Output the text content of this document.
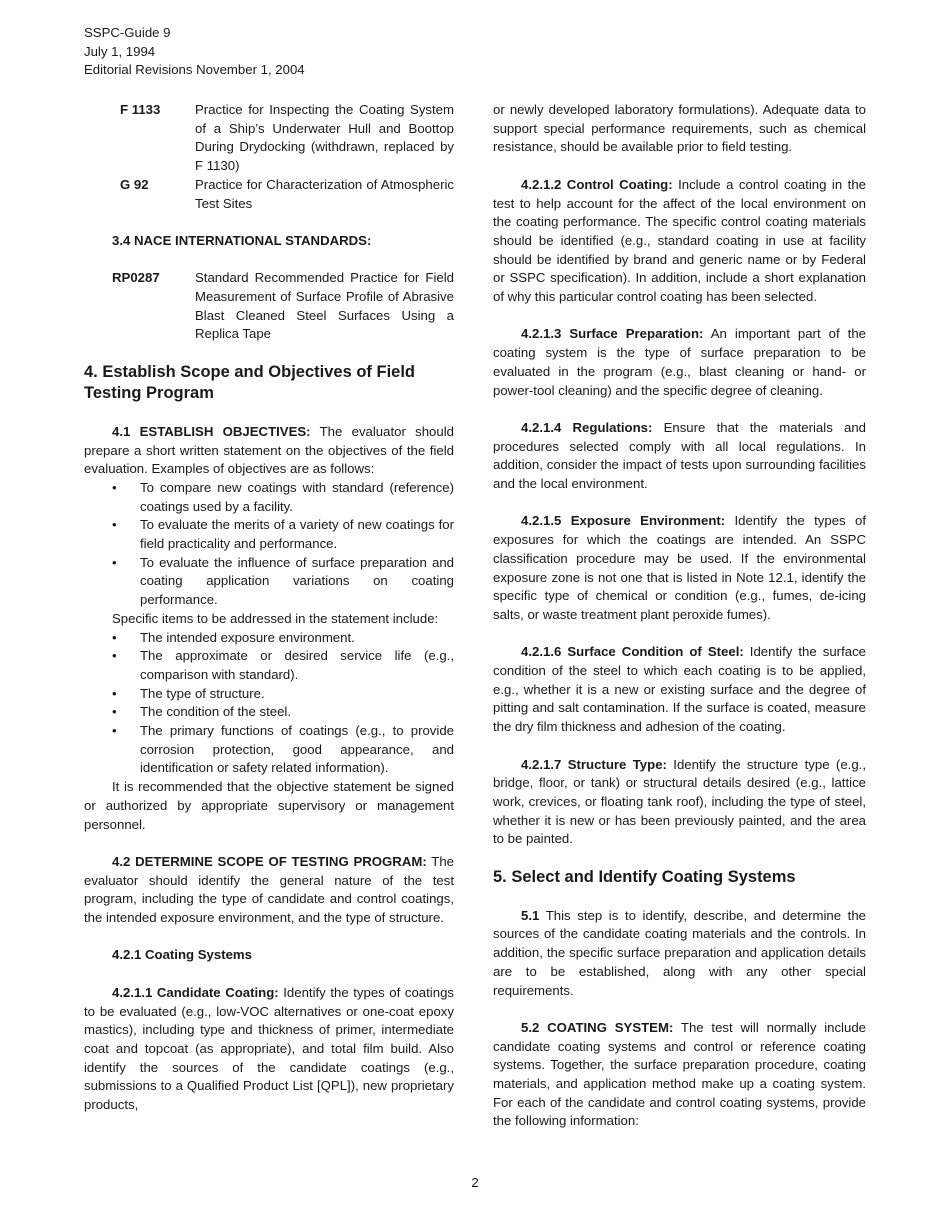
SSPC-Guide 9
July 1, 1994
Editorial Revisions November 1, 2004
F 1133	Practice for Inspecting the Coating System of a Ship’s Underwater Hull and Boottop During Drydocking (withdrawn, replaced by F 1130)
G 92	Practice for Characterization of Atmospheric Test Sites
3.4 NACE INTERNATIONAL STANDARDS:
RP0287	Standard Recommended Practice for Field Measurement of Surface Profile of Abrasive Blast Cleaned Steel Surfaces Using a Replica Tape
4. Establish Scope and Objectives of Field Testing Program

4.1 ESTABLISH OBJECTIVES: The evaluator should prepare a short written statement on the objectives of the field evaluation. Examples of objectives are as follows:

•	To compare new coatings with standard (reference) coatings used by a facility.
•	To evaluate the merits of a variety of new coatings for field practicality and performance.
•	To evaluate the influence of surface preparation and coating application variations on coating performance.

Specific items to be addressed in the statement include:

•	The intended exposure environment.
•	The approximate or desired service life (e.g., comparison with standard).
•	The type of structure.
•	The condition of the steel.
•	The primary functions of coatings (e.g., to provide corrosion protection, good appearance, and identification or safety related information).

It is recommended that the objective statement be signed or authorized by appropriate supervisory or management personnel.

4.2 DETERMINE SCOPE OF TESTING PROGRAM: The evaluator should identify the general nature of the test program, including the type of candidate and control coatings, the intended exposure environment, and the type of structure.

4.2.1 Coating Systems

4.2.1.1 Candidate Coating: Identify the types of coatings to be evaluated (e.g., low-VOC alternatives or one-coat epoxy mastics), including type and thickness of primer, intermediate coat and topcoat (as appropriate), and total film build. Also identify the sources of the candidate coatings (e.g., submissions to a Qualified Product List [QPL]), new proprietary products,

or newly developed laboratory formulations). Adequate data to support special performance requirements, such as chemical resistance, should be available prior to field testing.

4.2.1.2 Control Coating: Include a control coating in the test to help account for the affect of the local environment on the coating performance. The specific control coating materials should be identified (e.g., standard coating in use at facility should be identified by brand and generic name or by Federal or SSPC specification). In addition, include a short explanation of why this particular control coating has been selected.

4.2.1.3 Surface Preparation: An important part of the coating system is the type of surface preparation to be evaluated in the program (e.g., blast cleaning or hand- or power-tool cleaning) and the specific degree of cleaning.

4.2.1.4 Regulations: Ensure that the materials and procedures selected comply with all local regulations. In addition, consider the impact of tests upon surrounding facilities and the local environment.

4.2.1.5 Exposure Environment: Identify the types of exposures for which the coatings are intended. An SSPC classification procedure may be used. If the environmental exposure zone is not one that is listed in Note 12.1, identify the specific type of chemical or condition (e.g., fumes, de-icing salts, or waste treatment plant peroxide fumes).

4.2.1.6 Surface Condition of Steel: Identify the surface condition of the steel to which each coating is to be applied, e.g., whether it is a new or existing surface and the degree of pitting and salt contamination. If the surface is coated, measure the dry film thickness and adhesion of the coating.

4.2.1.7 Structure Type: Identify the structure type (e.g., bridge, floor, or tank) or structural details desired (e.g., lattice work, crevices, or floating tank roof), including the type of steel, whether it is new or has been previously painted, and the area to be painted.

5. Select and Identify Coating Systems

5.1 This step is to identify, describe, and determine the sources of the candidate coating materials and the controls. In addition, the specific surface preparation and application details are to be established, along with any other special requirements.

5.2 COATING SYSTEM: The test will normally include candidate coating systems and control or reference coating systems. Together, the surface preparation procedure, coating materials, and application method make up a coating system. For each of the candidate and control coating systems, provide the following information:

2
